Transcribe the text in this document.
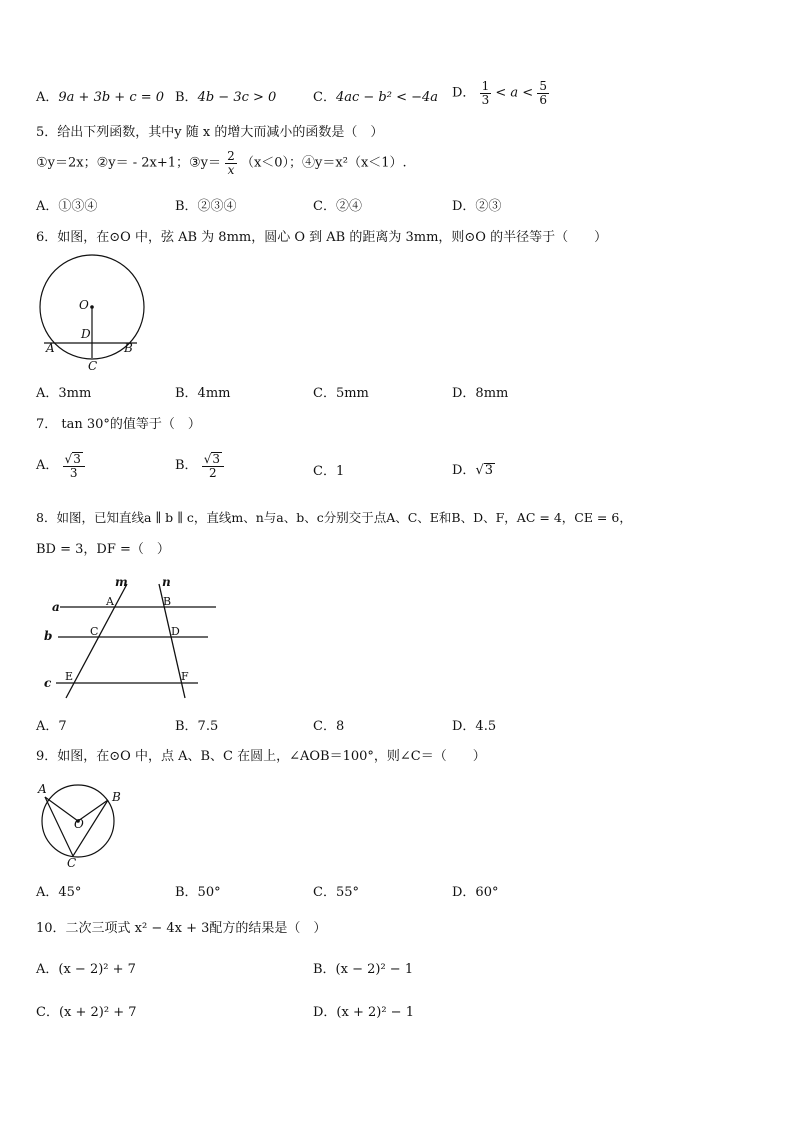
A．9a + 3b + c = 0 B．4b − 3c > 0	C．4ac − b² < −4a D． $\frac{1}{3} < a < \frac{5}{6}$
5．给出下列函数，其中y 随 x 的增大而减小的函数是（　）
①y＝2x；②y＝ - 2x+1；③y＝ $\frac{2}{x} (x<0)$；④y＝x²（x＜1）.
A．①③④	B．②③④	C．②④	D．②③
6．如图，在⊙O 中，弦 AB 为 8mm，圆心 O 到 AB 的距离为 3mm，则⊙O 的半径等于（　　）
O
D
A	B
C
A．3mm	B．4mm	C．5mm	D．8mm
7． tan 30°的值等于（　）
A． $\frac{√3}{3}$	B． $\frac{√3}{2}$	C．1	D．√3
8．如图，已知直线a ∥ b ∥ c，直线m、n与a、b、c分别交于点A、C、E和B、D、F，AC = 4，CE = 6，
BD = 3，DF =（　）
m	n
a
b
c
A	B
C	D
E	F
A．7	B．7.5	C．8	D．4.5
9．如图，在⊙O 中，点 A、B、C 在圆上，∠AOB＝100°，则∠C＝（　　）
A
B
O
C
A．45°	B．50°	C．55°	D．60°
10．二次三项式 x² − 4x + 3配方的结果是（　）
A．(x − 2)² + 7	B．(x − 2)² − 1
C．(x + 2)² + 7	D．(x + 2)² − 1
